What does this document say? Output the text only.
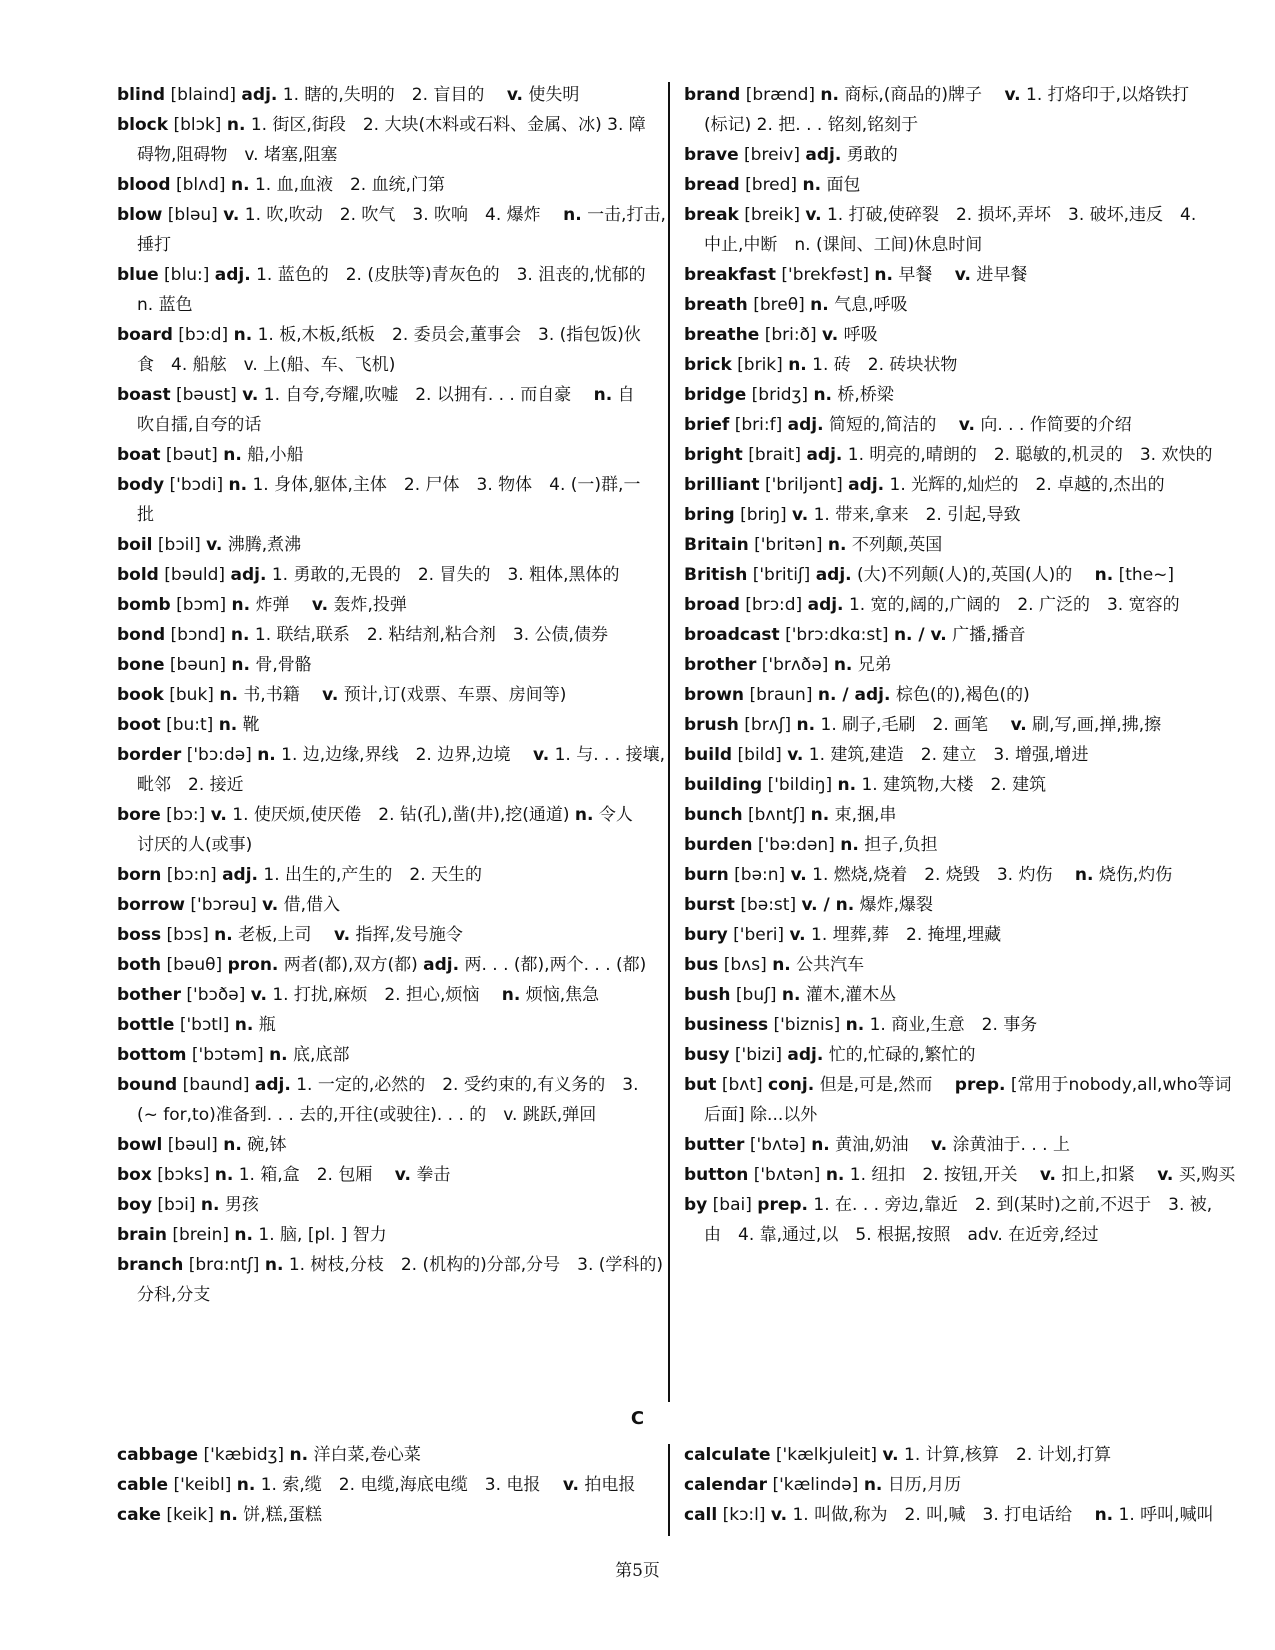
blind [blaind] adj. 1. 瞎的,失明的　2. 盲目的　 v. 使失明
block [blɔk] n. 1. 街区,街段　2. 大块(木料或石料、金属、冰) 3. 障
碍物,阻碍物　v. 堵塞,阻塞
blood [blʌd] n. 1. 血,血液　2. 血统,门第
blow [bləu] v. 1. 吹,吹动　2. 吹气　3. 吹响　4. 爆炸　 n. 一击,打击,
捶打
blue [blu:] adj. 1. 蓝色的　2. (皮肤等)青灰色的　3. 沮丧的,忧郁的
n. 蓝色
board [bɔ:d] n. 1. 板,木板,纸板　2. 委员会,董事会　3. (指包饭)伙
食　4. 船舷　v. 上(船、车、飞机)
boast [bəust] v. 1. 自夸,夸耀,吹嘘　2. 以拥有. . . 而自豪　 n. 自
吹自擂,自夸的话
boat [bəut] n. 船,小船
body ['bɔdi] n. 1. 身体,躯体,主体　2. 尸体　3. 物体　4. (一)群,一
批
boil [bɔil] v. 沸腾,煮沸
bold [bəuld] adj. 1. 勇敢的,无畏的　2. 冒失的　3. 粗体,黑体的
bomb [bɔm] n. 炸弹　 v. 轰炸,投弹
bond [bɔnd] n. 1. 联结,联系　2. 粘结剂,粘合剂　3. 公债,债券
bone [bəun] n. 骨,骨骼
book [buk] n. 书,书籍　 v. 预计,订(戏票、车票、房间等)
boot [bu:t] n. 靴
border ['bɔ:də] n. 1. 边,边缘,界线　2. 边界,边境　 v. 1. 与. . . 接壤,
毗邻　2. 接近
bore [bɔ:] v. 1. 使厌烦,使厌倦　2. 钻(孔),凿(井),挖(通道) n. 令人
讨厌的人(或事)
born [bɔ:n] adj. 1. 出生的,产生的　2. 天生的
borrow ['bɔrəu] v. 借,借入
boss [bɔs] n. 老板,上司　 v. 指挥,发号施令
both [bəuθ] pron. 两者(都),双方(都) adj. 两. . . (都),两个. . . (都)
bother ['bɔðə] v. 1. 打扰,麻烦　2. 担心,烦恼　 n. 烦恼,焦急
bottle ['bɔtl] n. 瓶
bottom ['bɔtəm] n. 底,底部
bound [baund] adj. 1. 一定的,必然的　2. 受约束的,有义务的　3.
(~ for,to)准备到. . . 去的,开往(或驶往). . . 的　v. 跳跃,弹回
bowl [bəul] n. 碗,钵
box [bɔks] n. 1. 箱,盒　2. 包厢　 v. 拳击
boy [bɔi] n. 男孩
brain [brein] n. 1. 脑, [pl. ] 智力
branch [brɑ:ntʃ] n. 1. 树枝,分枝　2. (机构的)分部,分号　3. (学科的)
分科,分支
brand [brænd] n. 商标,(商品的)牌子　 v. 1. 打烙印于,以烙铁打
(标记) 2. 把. . . 铭刻,铭刻于
brave [breiv] adj. 勇敢的
bread [bred] n. 面包
break [breik] v. 1. 打破,使碎裂　2. 损坏,弄坏　3. 破坏,违反　4.
中止,中断　n. (课间、工间)休息时间
breakfast ['brekfəst] n. 早餐　 v. 进早餐
breath [breθ] n. 气息,呼吸
breathe [bri:ð] v. 呼吸
brick [brik] n. 1. 砖　2. 砖块状物
bridge [bridʒ] n. 桥,桥梁
brief [bri:f] adj. 简短的,简洁的　 v. 向. . . 作简要的介绍
bright [brait] adj. 1. 明亮的,晴朗的　2. 聪敏的,机灵的　3. 欢快的
brilliant ['briljənt] adj. 1. 光辉的,灿烂的　2. 卓越的,杰出的
bring [briŋ] v. 1. 带来,拿来　2. 引起,导致
Britain ['britən] n. 不列颠,英国
British ['britiʃ] adj. (大)不列颠(人)的,英国(人)的　 n. [the~]
broad [brɔ:d] adj. 1. 宽的,阔的,广阔的　2. 广泛的　3. 宽容的
broadcast ['brɔ:dkɑ:st] n. / v. 广播,播音
brother ['brʌðə] n. 兄弟
brown [braun] n. / adj. 棕色(的),褐色(的)
brush [brʌʃ] n. 1. 刷子,毛刷　2. 画笔　 v. 刷,写,画,掸,拂,擦
build [bild] v. 1. 建筑,建造　2. 建立　3. 增强,增进
building ['bildiŋ] n. 1. 建筑物,大楼　2. 建筑
bunch [bʌntʃ] n. 束,捆,串
burden ['bə:dən] n. 担子,负担
burn [bə:n] v. 1. 燃烧,烧着　2. 烧毁　3. 灼伤　 n. 烧伤,灼伤
burst [bə:st] v. / n. 爆炸,爆裂
bury ['beri] v. 1. 埋葬,葬　2. 掩埋,埋藏
bus [bʌs] n. 公共汽车
bush [buʃ] n. 灌木,灌木丛
business ['biznis] n. 1. 商业,生意　2. 事务
busy ['bizi] adj. 忙的,忙碌的,繁忙的
but [bʌt] conj. 但是,可是,然而　 prep. [常用于nobody,all,who等词
后面] 除...以外
butter ['bʌtə] n. 黄油,奶油　 v. 涂黄油于. . . 上
button ['bʌtən] n. 1. 纽扣　2. 按钮,开关　 v. 扣上,扣紧　 v. 买,购买
by [bai] prep. 1. 在. . . 旁边,靠近　2. 到(某时)之前,不迟于　3. 被,
由　4. 靠,通过,以　5. 根据,按照　adv. 在近旁,经过
C
cabbage ['kæbidʒ] n. 洋白菜,卷心菜
cable ['keibl] n. 1. 索,缆　2. 电缆,海底电缆　3. 电报　 v. 拍电报
cake [keik] n. 饼,糕,蛋糕
calculate ['kælkjuleit] v. 1. 计算,核算　2. 计划,打算
calendar ['kælində] n. 日历,月历
call [kɔ:l] v. 1. 叫做,称为　2. 叫,喊　3. 打电话给　 n. 1. 呼叫,喊叫
第5页
